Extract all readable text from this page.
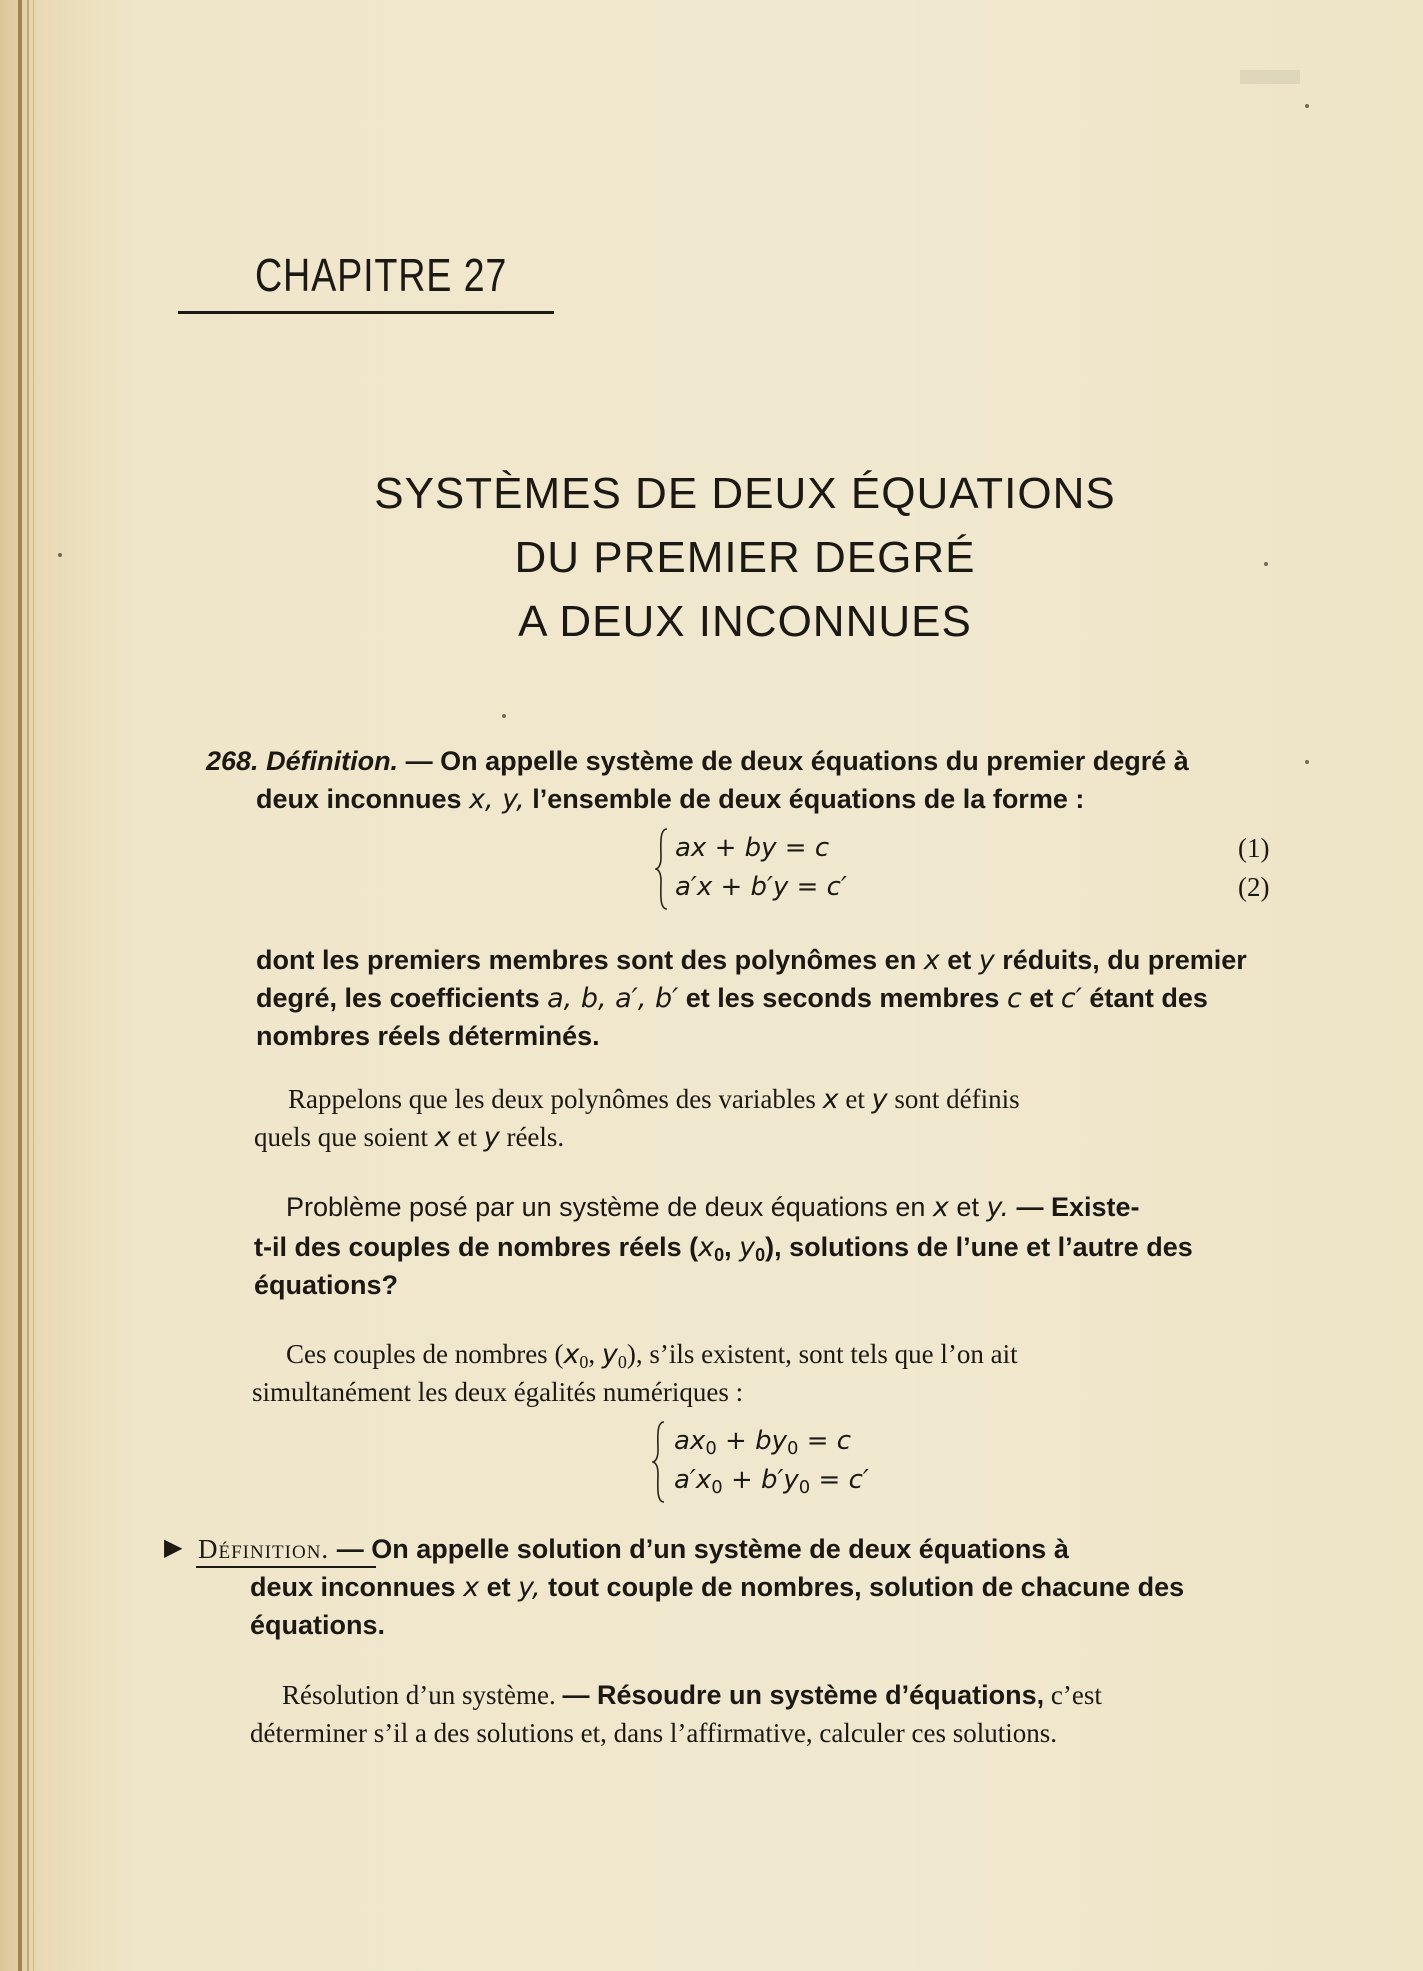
CHAPITRE 27
SYSTÈMES DE DEUX ÉQUATIONS
DU PREMIER DEGRÉ
A DEUX INCONNUES

268. Définition. — On appelle système de deux équations du premier degré à

deux inconnues x, y, l’ensemble de deux équations de la forme :

ax + by = c
a′x + b′y = c′
(1)
(2)

dont les premiers membres sont des polynômes en x et y réduits, du premier

degré, les coefficients a, b, a′, b′ et les seconds membres c et c′ étant des

nombres réels déterminés.

Rappelons que les deux polynômes des variables x et y sont définis

quels que soient x et y réels.

Problème posé par un système de deux équations en x et y. — Existe-

t-il des couples de nombres réels ($x_0$, $y_0$), solutions de l’une et l’autre des

équations?

Ces couples de nombres ($x_0$, $y_0$), s’ils existent, sont tels que l’on ait

simultanément les deux égalités numériques :

$ax_0 + by_0 = c$
$a'x_0 + b'y_0 = c'$
▶ Définition. — On appelle solution d’un système de deux équations à

deux inconnues x et y, tout couple de nombres, solution de chacune des

équations.

Résolution d’un système. — Résoudre un système d’équations, c’est

déterminer s’il a des solutions et, dans l’affirmative, calculer ces solutions.
